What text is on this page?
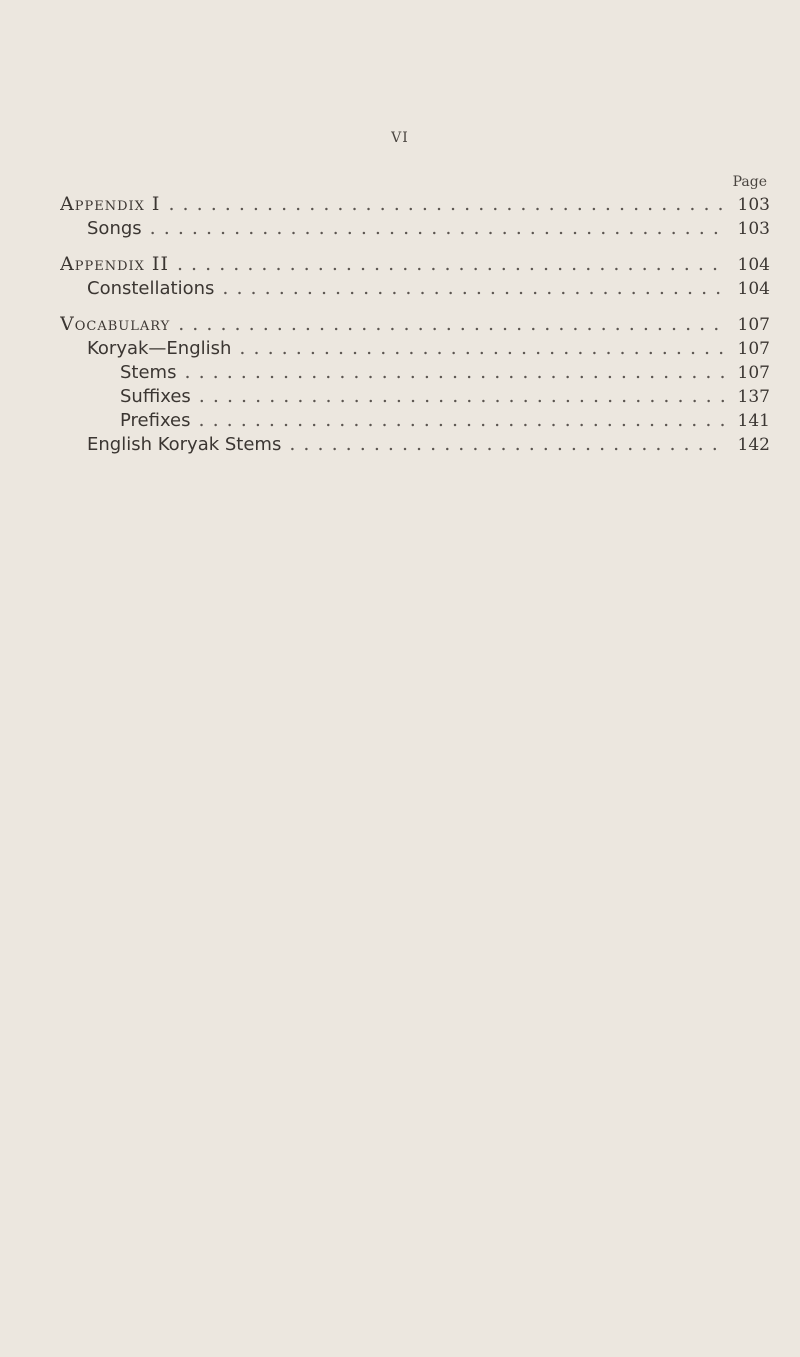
VI
Page
Appendix I . . .	103
Songs . . .	103
Appendix II . . .	104
Constellations . . .	104
Vocabulary . . .	107
Koryak—English . . .	107
Stems . . .	107
Suffixes . . .	137
Prefixes . . .	141
English Koryak Stems . . .	142
